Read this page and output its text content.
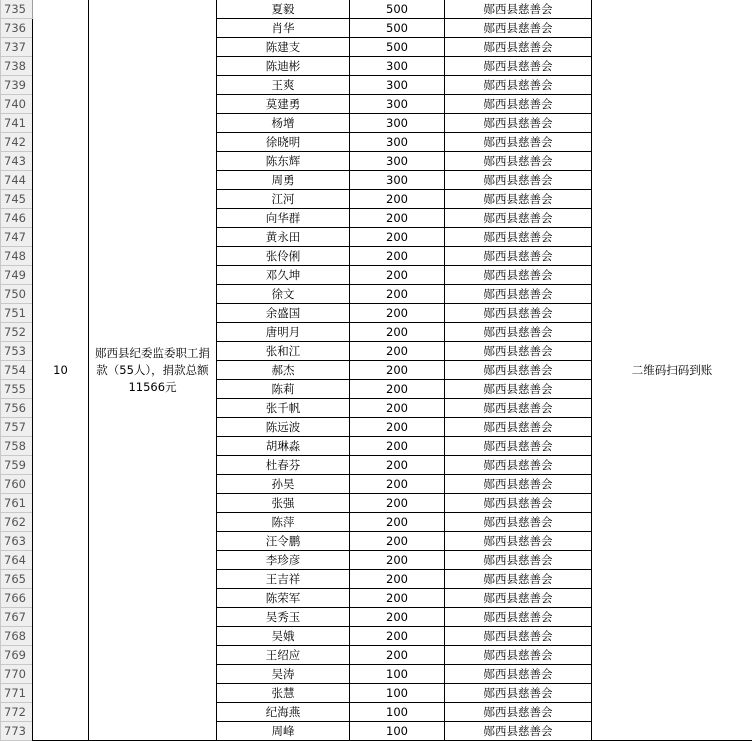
735	10	郧西县纪委监委职工捐款（55人），捐款总额11566元	夏毅	500	郧西县慈善会	二维码扫码到账
736			肖华	500	郧西县慈善会	
737			陈建支	500	郧西县慈善会	
738			陈迪彬	300	郧西县慈善会	
739			王爽	300	郧西县慈善会	
740			莫建勇	300	郧西县慈善会	
741			杨增	300	郧西县慈善会	
742			徐晓明	300	郧西县慈善会	
743			陈东辉	300	郧西县慈善会	
744			周勇	300	郧西县慈善会	
745			江河	200	郧西县慈善会	
746			向华群	200	郧西县慈善会	
747			黄永田	200	郧西县慈善会	
748			张伶俐	200	郧西县慈善会	
749			邓久坤	200	郧西县慈善会	
750			徐文	200	郧西县慈善会	
751			余盛国	200	郧西县慈善会	
752			唐明月	200	郧西县慈善会	
753			张和江	200	郧西县慈善会	
754			郝杰	200	郧西县慈善会	
755			陈莉	200	郧西县慈善会	
756			张千帆	200	郧西县慈善会	
757			陈远波	200	郧西县慈善会	
758			胡琳淼	200	郧西县慈善会	
759			杜春芬	200	郧西县慈善会	
760			孙昊	200	郧西县慈善会	
761			张强	200	郧西县慈善会	
762			陈萍	200	郧西县慈善会	
763			汪令鹏	200	郧西县慈善会	
764			李珍彦	200	郧西县慈善会	
765			王吉祥	200	郧西县慈善会	
766			陈荣军	200	郧西县慈善会	
767			吴秀玉	200	郧西县慈善会	
768			吴娥	200	郧西县慈善会	
769			王绍应	200	郧西县慈善会	
770			吴涛	100	郧西县慈善会	
771			张慧	100	郧西县慈善会	
772			纪海燕	100	郧西县慈善会	
773			周峰	100	郧西县慈善会	
